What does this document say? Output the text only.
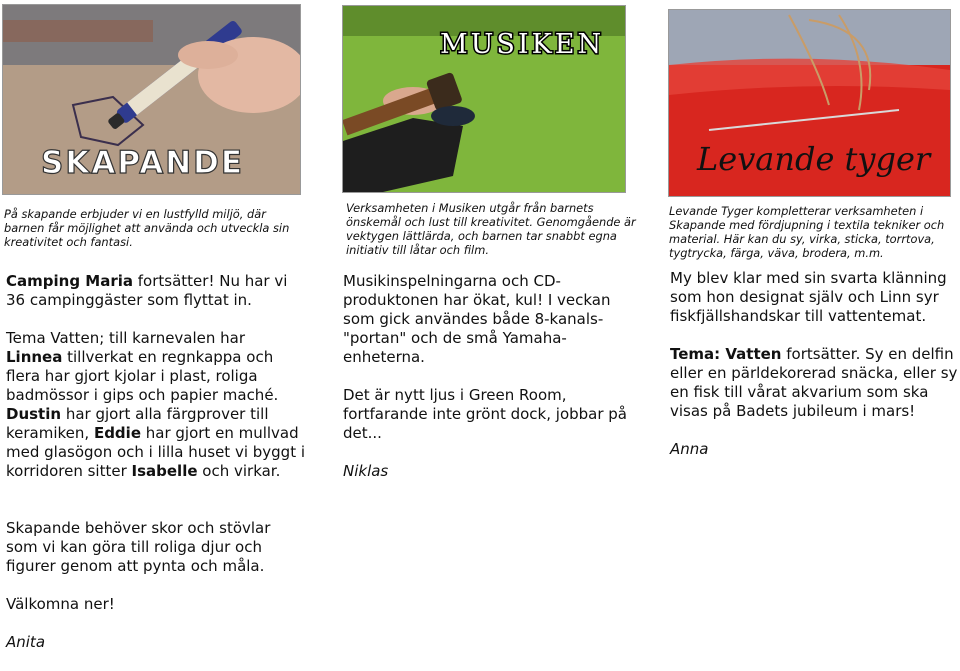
SKAPANDE
MUSIKEN
Levande tyger
På skapande erbjuder vi en lustfylld miljö, där barnen får möjlighet att använda och utveckla sin kreativitet och fantasi.

Camping Maria fortsätter! Nu har vi 36 campinggäster som flyttat in.

Tema Vatten; till karnevalen har Linnea tillverkat en regnkappa och flera har gjort kjolar i plast, roliga badmössor i gips och papier maché.
Dustin har gjort alla färgprover till keramiken, Eddie har gjort en mullvad med glasögon och i lilla huset vi byggt i korridoren sitter Isabelle och virkar.

Skapande behöver skor och stövlar som vi kan göra till roliga djur och figurer genom att pynta och måla.

Välkomna ner!

Anita

Verksamheten i Musiken utgår från barnets önskemål och lust till kreativitet. Genomgående är vektygen lättlärda, och barnen tar snabbt egna initiativ till låtar och film.

Musikinspelningarna och CD-produktonen har ökat, kul! I veckan som gick användes både 8-kanals-"portan" och de små Yamaha-enheterna.

Det är nytt ljus i Green Room, fortfarande inte grönt dock, jobbar på det...

Niklas

Levande Tyger kompletterar verksamheten i Skapande med fördjupning i textila tekniker och material. Här kan du sy, virka, sticka, torrtova, tygtrycka, färga, väva, brodera, m.m.

My blev klar med sin svarta klänning som hon designat själv och Linn syr fiskfjällshandskar till vattentemat.

Tema: Vatten fortsätter. Sy en delfin eller en pärldekorerad snäcka, eller sy en fisk till vårat akvarium som ska visas på Badets jubileum i mars!

Anna
